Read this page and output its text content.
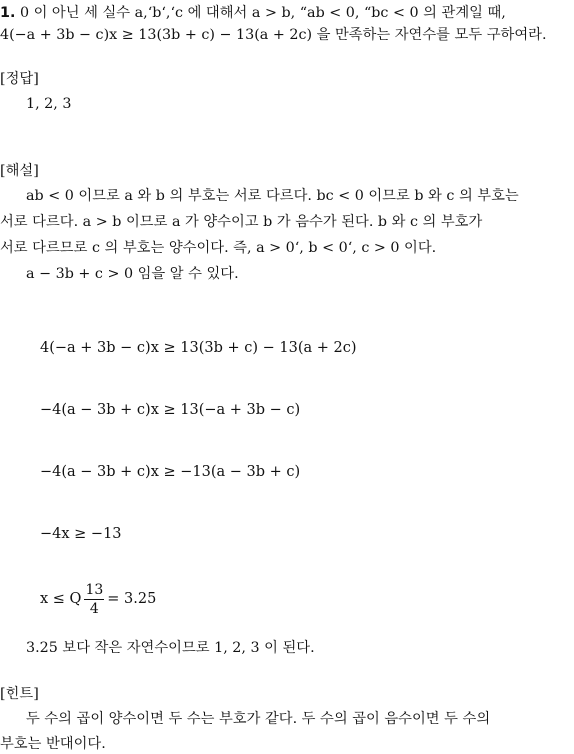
1. 0 이 아닌 세 실수 a,‘b‘,‘c 에 대해서 a > b, “ab < 0, “bc < 0 의 관계일 때,
4(−a + 3b − c)x ≥ 13(3b + c) − 13(a + 2c) 을 만족하는 자연수를 모두 구하여라.
[정답]
1, 2, 3
[해설]
ab < 0 이므로 a 와 b 의 부호는 서로 다르다. bc < 0 이므로 b 와 c 의 부호는
서로 다르다. a > b 이므로 a 가 양수이고 b 가 음수가 된다. b 와 c 의 부호가
서로 다르므로 c 의 부호는 양수이다. 즉, a > 0‘, b < 0‘, c > 0 이다.
a − 3b + c > 0 임을 알 수 있다.
4(−a + 3b − c)x ≥ 13(3b + c) − 13(a + 2c)
−4(a − 3b + c)x ≥ 13(−a + 3b − c)
−4(a − 3b + c)x ≥ −13(a − 3b + c)
−4x ≥ −13
x ≤ Q $\frac{13}{4} = 3.25$
3.25 보다 작은 자연수이므로 1, 2, 3 이 된다.
[힌트]
두 수의 곱이 양수이면 두 수는 부호가 같다. 두 수의 곱이 음수이면 두 수의
부호는 반대이다.
